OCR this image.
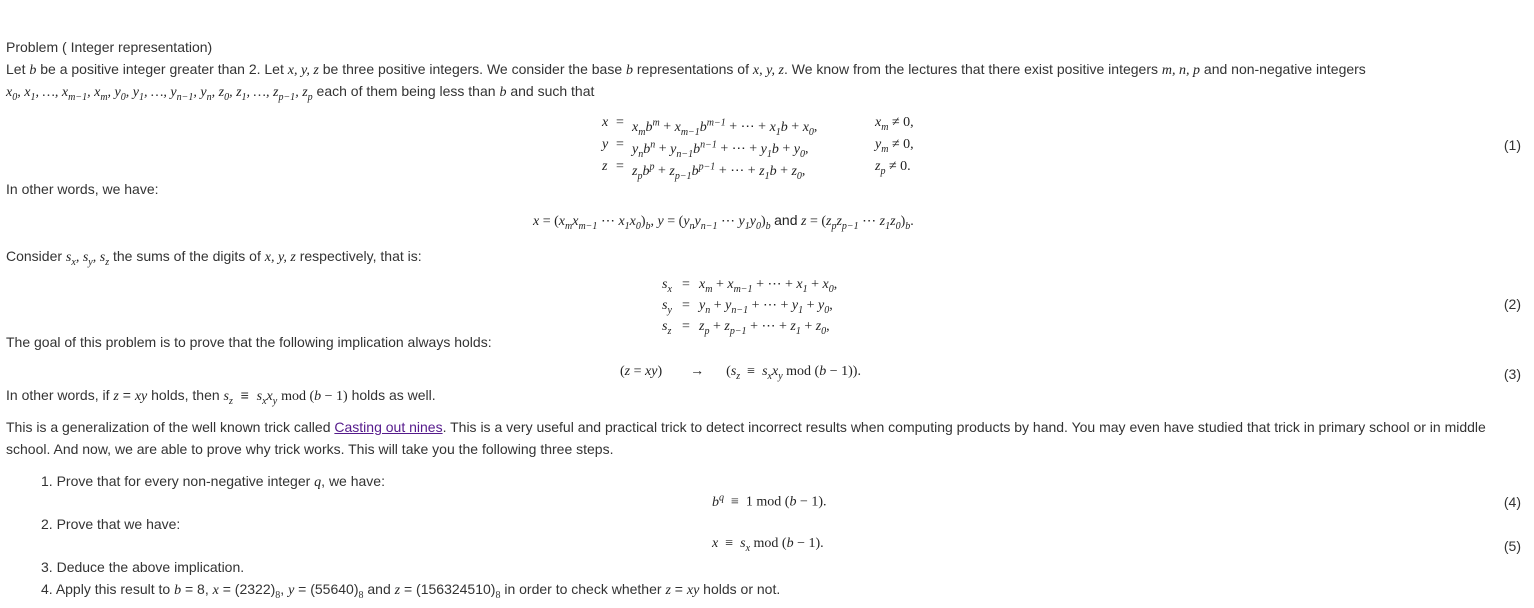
Problem ( Integer representation)
Let b be a positive integer greater than 2. Let x, y, z be three positive integers. We consider the base b representations of x, y, z. We know from the lectures that there exist positive integers m, n, p and non-negative integers
$x_0$, $x_1$, …, $x_{m-1}$, $x_m$, $y_0$, $y_1$, …, $y_{n-1}$, $y_n$, $z_0$, $z_1$, …, $z_{p-1}$, $z_p$ each of them being less than b and such that
$x = x_mb^m + x_{m-1}b^{m-1}$ + ⋯ + $x_1b + x_0$,	$x_m \ne 0$,
$y = y_nb^n + y_{n-1}b^{n-1}$ + ⋯ + $y_1b + y_0$,	$y_m \ne 0$,
$z = z_pb^p + z_{p-1}b^{p-1}$ + ⋯ + $z_1b + z_0$,	$z_p \ne 0$.
(1)
In other words, we have:
$x = (x_mx_{m-1}$ ⋯ $x_1x_0)_b$, $y = (y_ny_{n-1}$ ⋯ $y_1y_0)_b$ and $z = (z_pz_{p-1}$ ⋯ $z_1z_0)_b$.
Consider $s_x$, $s_y$, $s_z$ the sums of the digits of x, y, z respectively, that is:
$s_x = x_m + x_{m-1}$ + ⋯ + $x_1 + x_0$,
$s_y = y_n + y_{n-1}$ + ⋯ + $y_1 + y_0$,
$s_z = z_p + z_{p-1}$ + ⋯ + $z_1 + z_0$,
(2)
The goal of this problem is to prove that the following implication always holds:
$(z = xy) \to (s_z \equiv s_xx_y$ mod (b − 1)).	(3)
In other words, if z = xy holds, then $s_z \equiv s_xx_y$ mod (b − 1) holds as well.
This is a generalization of the well known trick called Casting out nines. This is a very useful and practical trick to detect incorrect results when computing products by hand. You may even have studied that trick in primary school or in middle
school. And now, we are able to prove why trick works. This will take you the following three steps.
1. Prove that for every non-negative integer q, we have:
$b^q \equiv 1$ mod (b − 1).	(4)
2. Prove that we have:
$x \equiv s_x$ mod (b − 1).	(5)
3. Deduce the above implication.
4. Apply this result to b = 8, $x = (2322)_8$, $y = (55640)_8$ and $z = (156324510)_8$ in order to check whether z = xy holds or not.
